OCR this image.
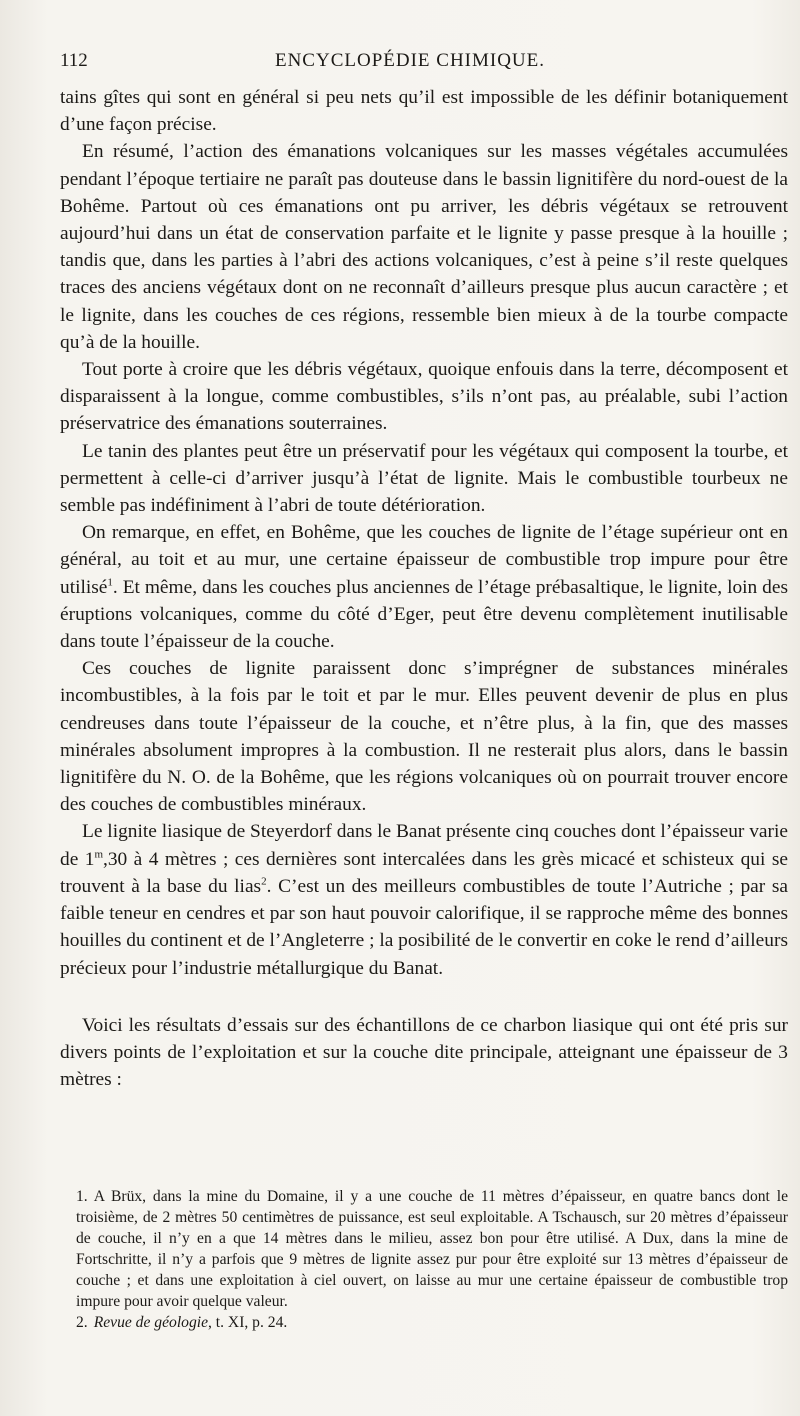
112	ENCYCLOPÉDIE CHIMIQUE.

tains gîtes qui sont en général si peu nets qu’il est impossible de les définir botaniquement d’une façon précise.

En résumé, l’action des émanations volcaniques sur les masses végétales accumulées pendant l’époque tertiaire ne paraît pas douteuse dans le bassin lignitifère du nord-ouest de la Bohême. Partout où ces émanations ont pu arriver, les débris végétaux se retrouvent aujourd’hui dans un état de conservation parfaite et le lignite y passe presque à la houille ; tandis que, dans les parties à l’abri des actions volcaniques, c’est à peine s’il reste quelques traces des anciens végétaux dont on ne reconnaît d’ailleurs presque plus aucun caractère ; et le lignite, dans les couches de ces régions, ressemble bien mieux à de la tourbe compacte qu’à de la houille.

Tout porte à croire que les débris végétaux, quoique enfouis dans la terre, décomposent et disparaissent à la longue, comme combustibles, s’ils n’ont pas, au préalable, subi l’action préservatrice des émanations souterraines.

Le tanin des plantes peut être un préservatif pour les végétaux qui composent la tourbe, et permettent à celle-ci d’arriver jusqu’à l’état de lignite. Mais le combustible tourbeux ne semble pas indéfiniment à l’abri de toute détérioration.

On remarque, en effet, en Bohême, que les couches de lignite de l’étage supérieur ont en général, au toit et au mur, une certaine épaisseur de combustible trop impure pour être utilisé$^1$. Et même, dans les couches plus anciennes de l’étage prébasaltique, le lignite, loin des éruptions volcaniques, comme du côté d’Eger, peut être devenu complètement inutilisable dans toute l’épaisseur de la couche.

Ces couches de lignite paraissent donc s’imprégner de substances minérales incombustibles, à la fois par le toit et par le mur. Elles peuvent devenir de plus en plus cendreuses dans toute l’épaisseur de la couche, et n’être plus, à la fin, que des masses minérales absolument impropres à la combustion. Il ne resterait plus alors, dans le bassin lignitifère du N. O. de la Bohême, que les régions volcaniques où on pourrait trouver encore des couches de combustibles minéraux.

Le lignite liasique de Steyerdorf dans le Banat présente cinq couches dont l’épaisseur varie de 1$^m$,30 à 4 mètres ; ces dernières sont intercalées dans les grès micacé et schisteux qui se trouvent à la base du lias$^2$. C’est un des meilleurs combustibles de toute l’Autriche ; par sa faible teneur en cendres et par son haut pouvoir calorifique, il se rapproche même des bonnes houilles du continent et de l’Angleterre ; la posibilité de le convertir en coke le rend d’ailleurs précieux pour l’industrie métallurgique du Banat.

Voici les résultats d’essais sur des échantillons de ce charbon liasique qui ont été pris sur divers points de l’exploitation et sur la couche dite principale, atteignant une épaisseur de 3 mètres :

1. A Brüx, dans la mine du Domaine, il y a une couche de 11 mètres d’épaisseur, en quatre bancs dont le troisième, de 2 mètres 50 centimètres de puissance, est seul exploitable. A Tschausch, sur 20 mètres d’épaisseur de couche, il n’y en a que 14 mètres dans le milieu, assez bon pour être utilisé. A Dux, dans la mine de Fortschritte, il n’y a parfois que 9 mètres de lignite assez pur pour être exploité sur 13 mètres d’épaisseur de couche ; et dans une exploitation à ciel ouvert, on laisse au mur une certaine épaisseur de combustible trop impure pour avoir quelque valeur.

2. Revue de géologie, t. XI, p. 24.
